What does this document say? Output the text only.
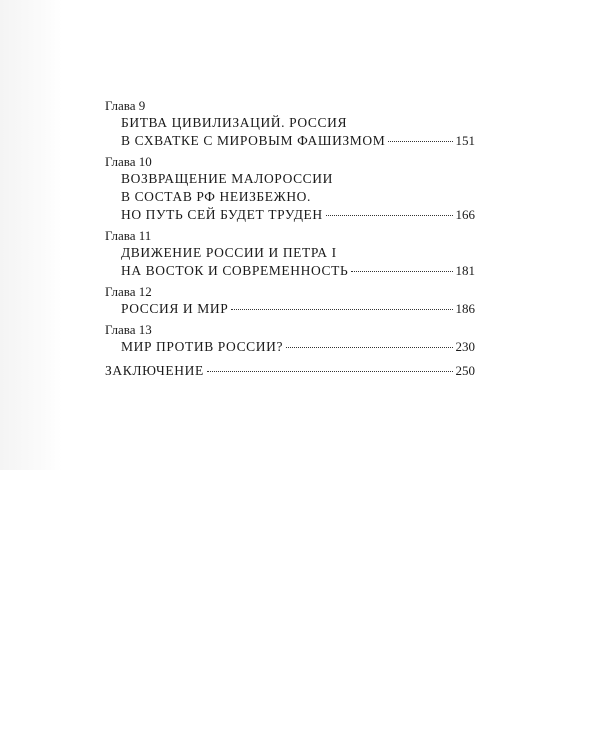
Глава 9
БИТВА ЦИВИЛИЗАЦИЙ. РОССИЯ
В СХВАТКЕ С МИРОВЫМ ФАШИЗМОМ	151
Глава 10
ВОЗВРАЩЕНИЕ МАЛОРОССИИ
В СОСТАВ РФ НЕИЗБЕЖНО.
НО ПУТЬ СЕЙ БУДЕТ ТРУДЕН	166
Глава 11
ДВИЖЕНИЕ РОССИИ И ПЕТРА I
НА ВОСТОК И СОВРЕМЕННОСТЬ	181
Глава 12
РОССИЯ И МИР	186
Глава 13
МИР ПРОТИВ РОССИИ?	230
ЗАКЛЮЧЕНИЕ	250
